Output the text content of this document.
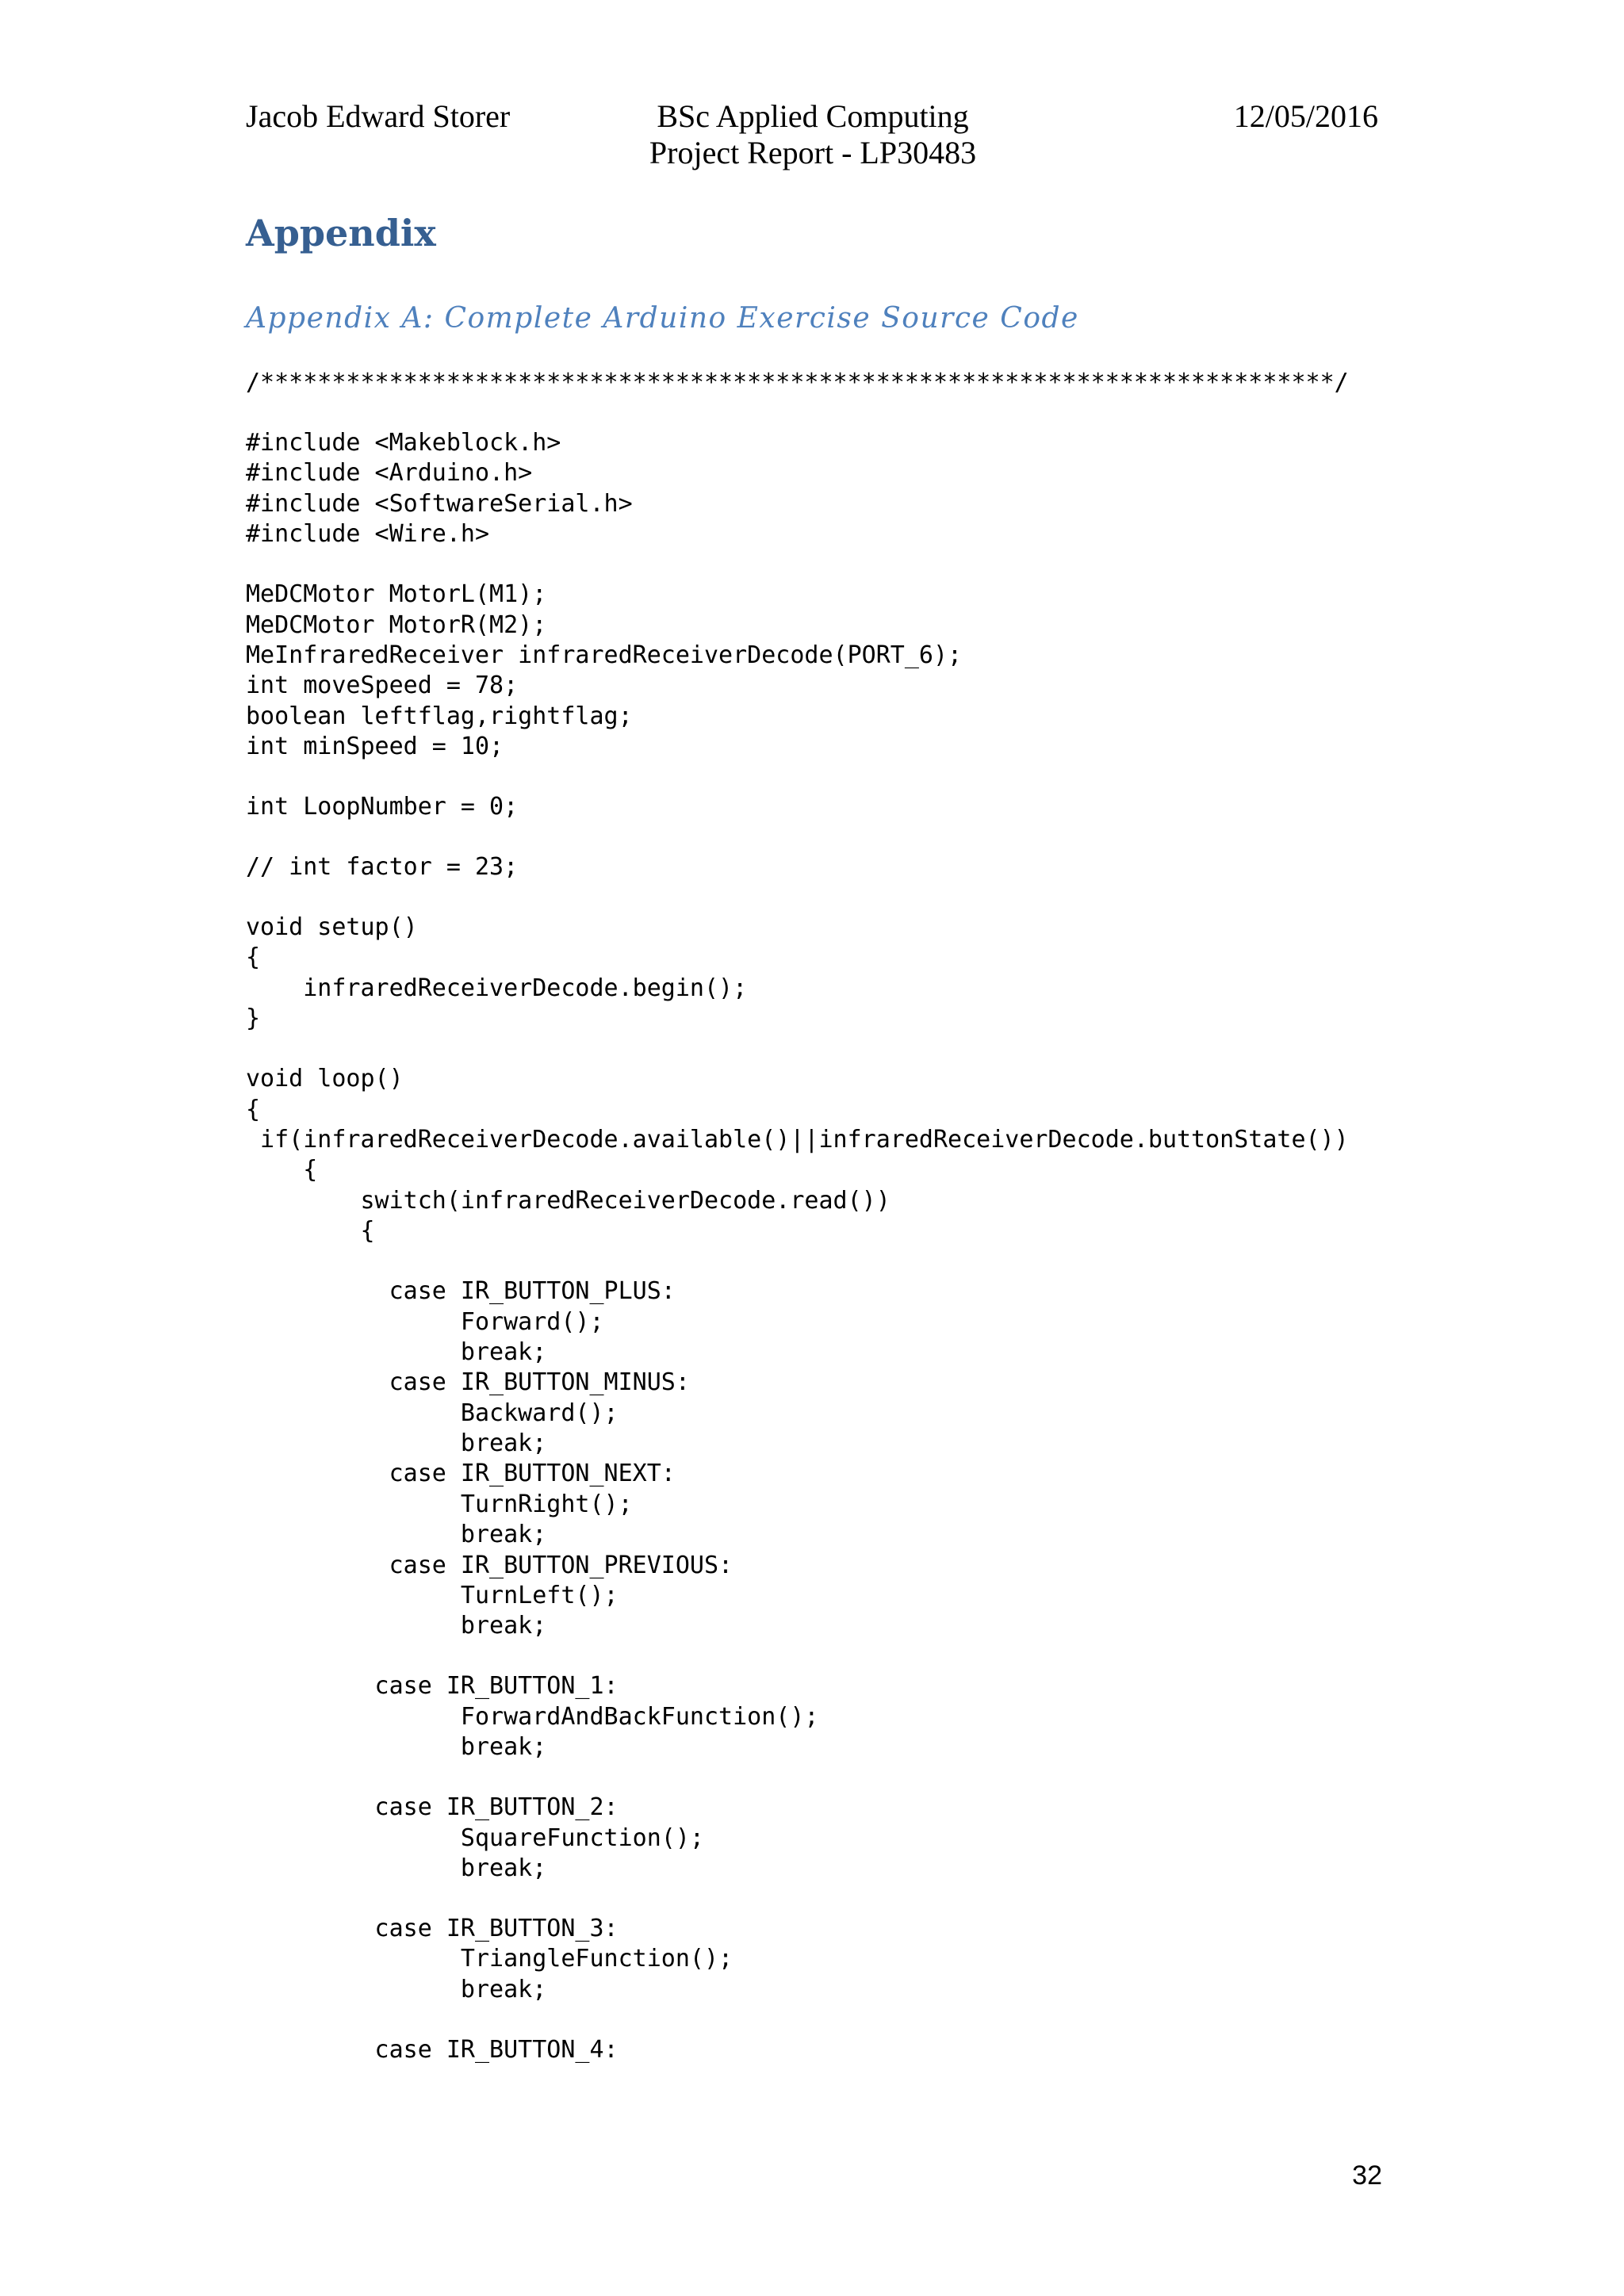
Jacob Edward Storer	BSc Applied Computing
Project Report - LP30483
12/05/2016
Appendix
Appendix A: Complete Arduino Exercise Source Code
/***************************************************************************/
#include <Makeblock.h>
#include <Arduino.h>
#include <SoftwareSerial.h>
#include <Wire.h>
MeDCMotor MotorL(M1);
MeDCMotor MotorR(M2);
MeInfraredReceiver infraredReceiverDecode(PORT_6);
int moveSpeed = 78;
boolean leftflag,rightflag;
int minSpeed = 10;
int LoopNumber = 0;
// int factor = 23;
void setup()
{
infraredReceiverDecode.begin();
}
void loop()
{
if(infraredReceiverDecode.available()||infraredReceiverDecode.buttonState())
{
switch(infraredReceiverDecode.read())
{
case IR_BUTTON_PLUS:
Forward();
break;
case IR_BUTTON_MINUS:
Backward();
break;
case IR_BUTTON_NEXT:
TurnRight();
break;
case IR_BUTTON_PREVIOUS:
TurnLeft();
break;
case IR_BUTTON_1:
ForwardAndBackFunction();
break;
case IR_BUTTON_2:
SquareFunction();
break;
case IR_BUTTON_3:
TriangleFunction();
break;
case IR_BUTTON_4:
32
